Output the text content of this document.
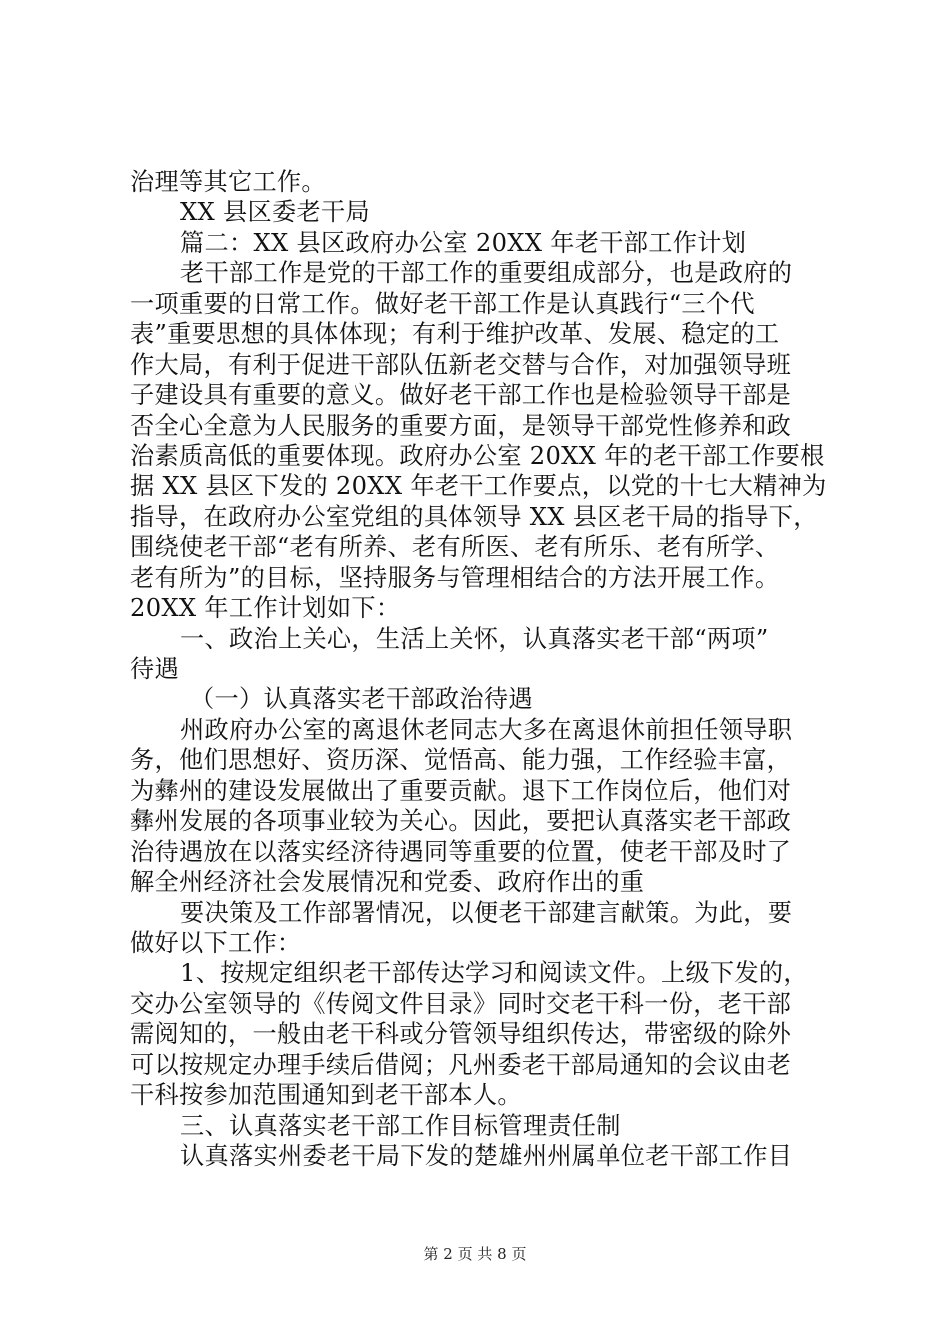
治理等其它工作。
XX 县区委老干局
篇二：XX 县区政府办公室 20XX 年老干部工作计划
老干部工作是党的干部工作的重要组成部分，也是政府的
一项重要的日常工作。做好老干部工作是认真践行“三个代
表”重要思想的具体体现；有利于维护改革、发展、稳定的工
作大局，有利于促进干部队伍新老交替与合作，对加强领导班
子建设具有重要的意义。做好老干部工作也是检验领导干部是
否全心全意为人民服务的重要方面，是领导干部党性修养和政
治素质高低的重要体现。政府办公室 20XX 年的老干部工作要根
据 XX 县区下发的 20XX 年老干工作要点，以党的十七大精神为
指导，在政府办公室党组的具体领导 XX 县区老干局的指导下，
围绕使老干部“老有所养、老有所医、老有所乐、老有所学、
老有所为”的目标，坚持服务与管理相结合的方法开展工作。
20XX 年工作计划如下：
一、政治上关心，生活上关怀，认真落实老干部“两项”
待遇
（一）认真落实老干部政治待遇
州政府办公室的离退休老同志大多在离退休前担任领导职
务，他们思想好、资历深、觉悟高、能力强，工作经验丰富，
为彝州的建设发展做出了重要贡献。退下工作岗位后，他们对
彝州发展的各项事业较为关心。因此，要把认真落实老干部政
治待遇放在以落实经济待遇同等重要的位置，使老干部及时了
解全州经济社会发展情况和党委、政府作出的重
要决策及工作部署情况，以便老干部建言献策。为此，要
做好以下工作：
1、按规定组织老干部传达学习和阅读文件。上级下发的，
交办公室领导的《传阅文件目录》同时交老干科一份，老干部
需阅知的，一般由老干科或分管领导组织传达，带密级的除外
可以按规定办理手续后借阅；凡州委老干部局通知的会议由老
干科按参加范围通知到老干部本人。
三、认真落实老干部工作目标管理责任制
认真落实州委老干局下发的楚雄州州属单位老干部工作目
第 2 页 共 8 页
